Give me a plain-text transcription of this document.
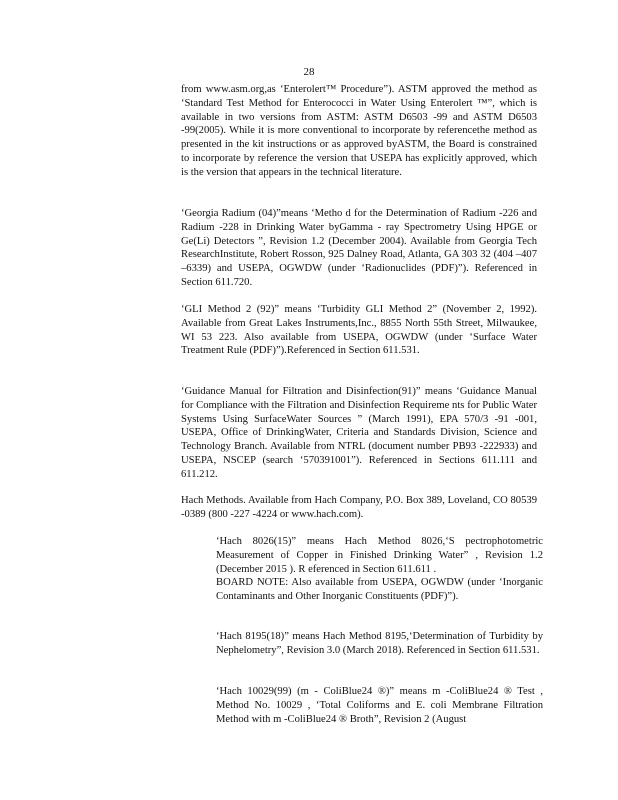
28

from www.asm.org,as ‘Enterolert™ Procedure”). ASTM approved the method as ‘Standard Test Method for Enterococci in Water Using Enterolert ™”, which is available in two versions from ASTM: ASTM D6503 -99 and ASTM D6503 -99(2005). While it is more conventional to incorporate by referencethe method as presented in the kit instructions or as approved byASTM, the Board is constrained to incorporate by reference the version that USEPA has explicitly approved, which is the version that appears in the technical literature.

‘Georgia Radium (04)”means ‘Metho d for the Determination of Radium -226 and Radium -228 in Drinking Water byGamma - ray Spectrometry Using HPGE or Ge(Li) Detectors ”, Revision 1.2 (December 2004). Available from Georgia Tech ResearchInstitute, Robert Rosson, 925 Dalney Road, Atlanta, GA 303 32 (404 –407 –6339) and USEPA, OGWDW (under ‘Radionuclides (PDF)”). Referenced in Section 611.720.

‘GLI Method 2 (92)” means ‘Turbidity GLI Method 2” (November 2, 1992). Available from Great Lakes Instruments,Inc., 8855 North 55th Street, Milwaukee, WI 53 223. Also available from USEPA, OGWDW (under ‘Surface Water Treatment Rule (PDF)”).Referenced in Section 611.531.

‘Guidance Manual for Filtration and Disinfection(91)” means ‘Guidance Manual for Compliance with the Filtration and Disinfection Requireme nts for Public Water Systems Using SurfaceWater Sources ” (March 1991), EPA 570/3 -91 -001, USEPA, Office of DrinkingWater, Criteria and Standards Division, Science and Technology Branch. Available from NTRL (document number PB93 -222933) and USEPA, NSCEP (search ‘570391001”). Referenced in Sections 611.111 and 611.212.

Hach Methods. Available from Hach Company, P.O. Box 389, Loveland, CO 80539 -0389 (800 -227 -4224 or www.hach.com).

‘Hach 8026(15)” means Hach Method 8026,‘S pectrophotometric Measurement of Copper in Finished Drinking Water” , Revision 1.2 (December 2015 ). R eferenced in Section 611.611 .
BOARD NOTE: Also available from USEPA, OGWDW (under ‘Inorganic Contaminants and Other Inorganic Constituents (PDF)”).

‘Hach 8195(18)” means Hach Method 8195,‘Determination of Turbidity by Nephelometry”, Revision 3.0 (March 2018). Referenced in Section 611.531.

‘Hach 10029(99) (m - ColiBlue24 ®)” means m -ColiBlue24 ® Test , Method No. 10029 , ‘Total Coliforms and E. coli Membrane Filtration Method with m -ColiBlue24 ® Broth”, Revision 2 (August
